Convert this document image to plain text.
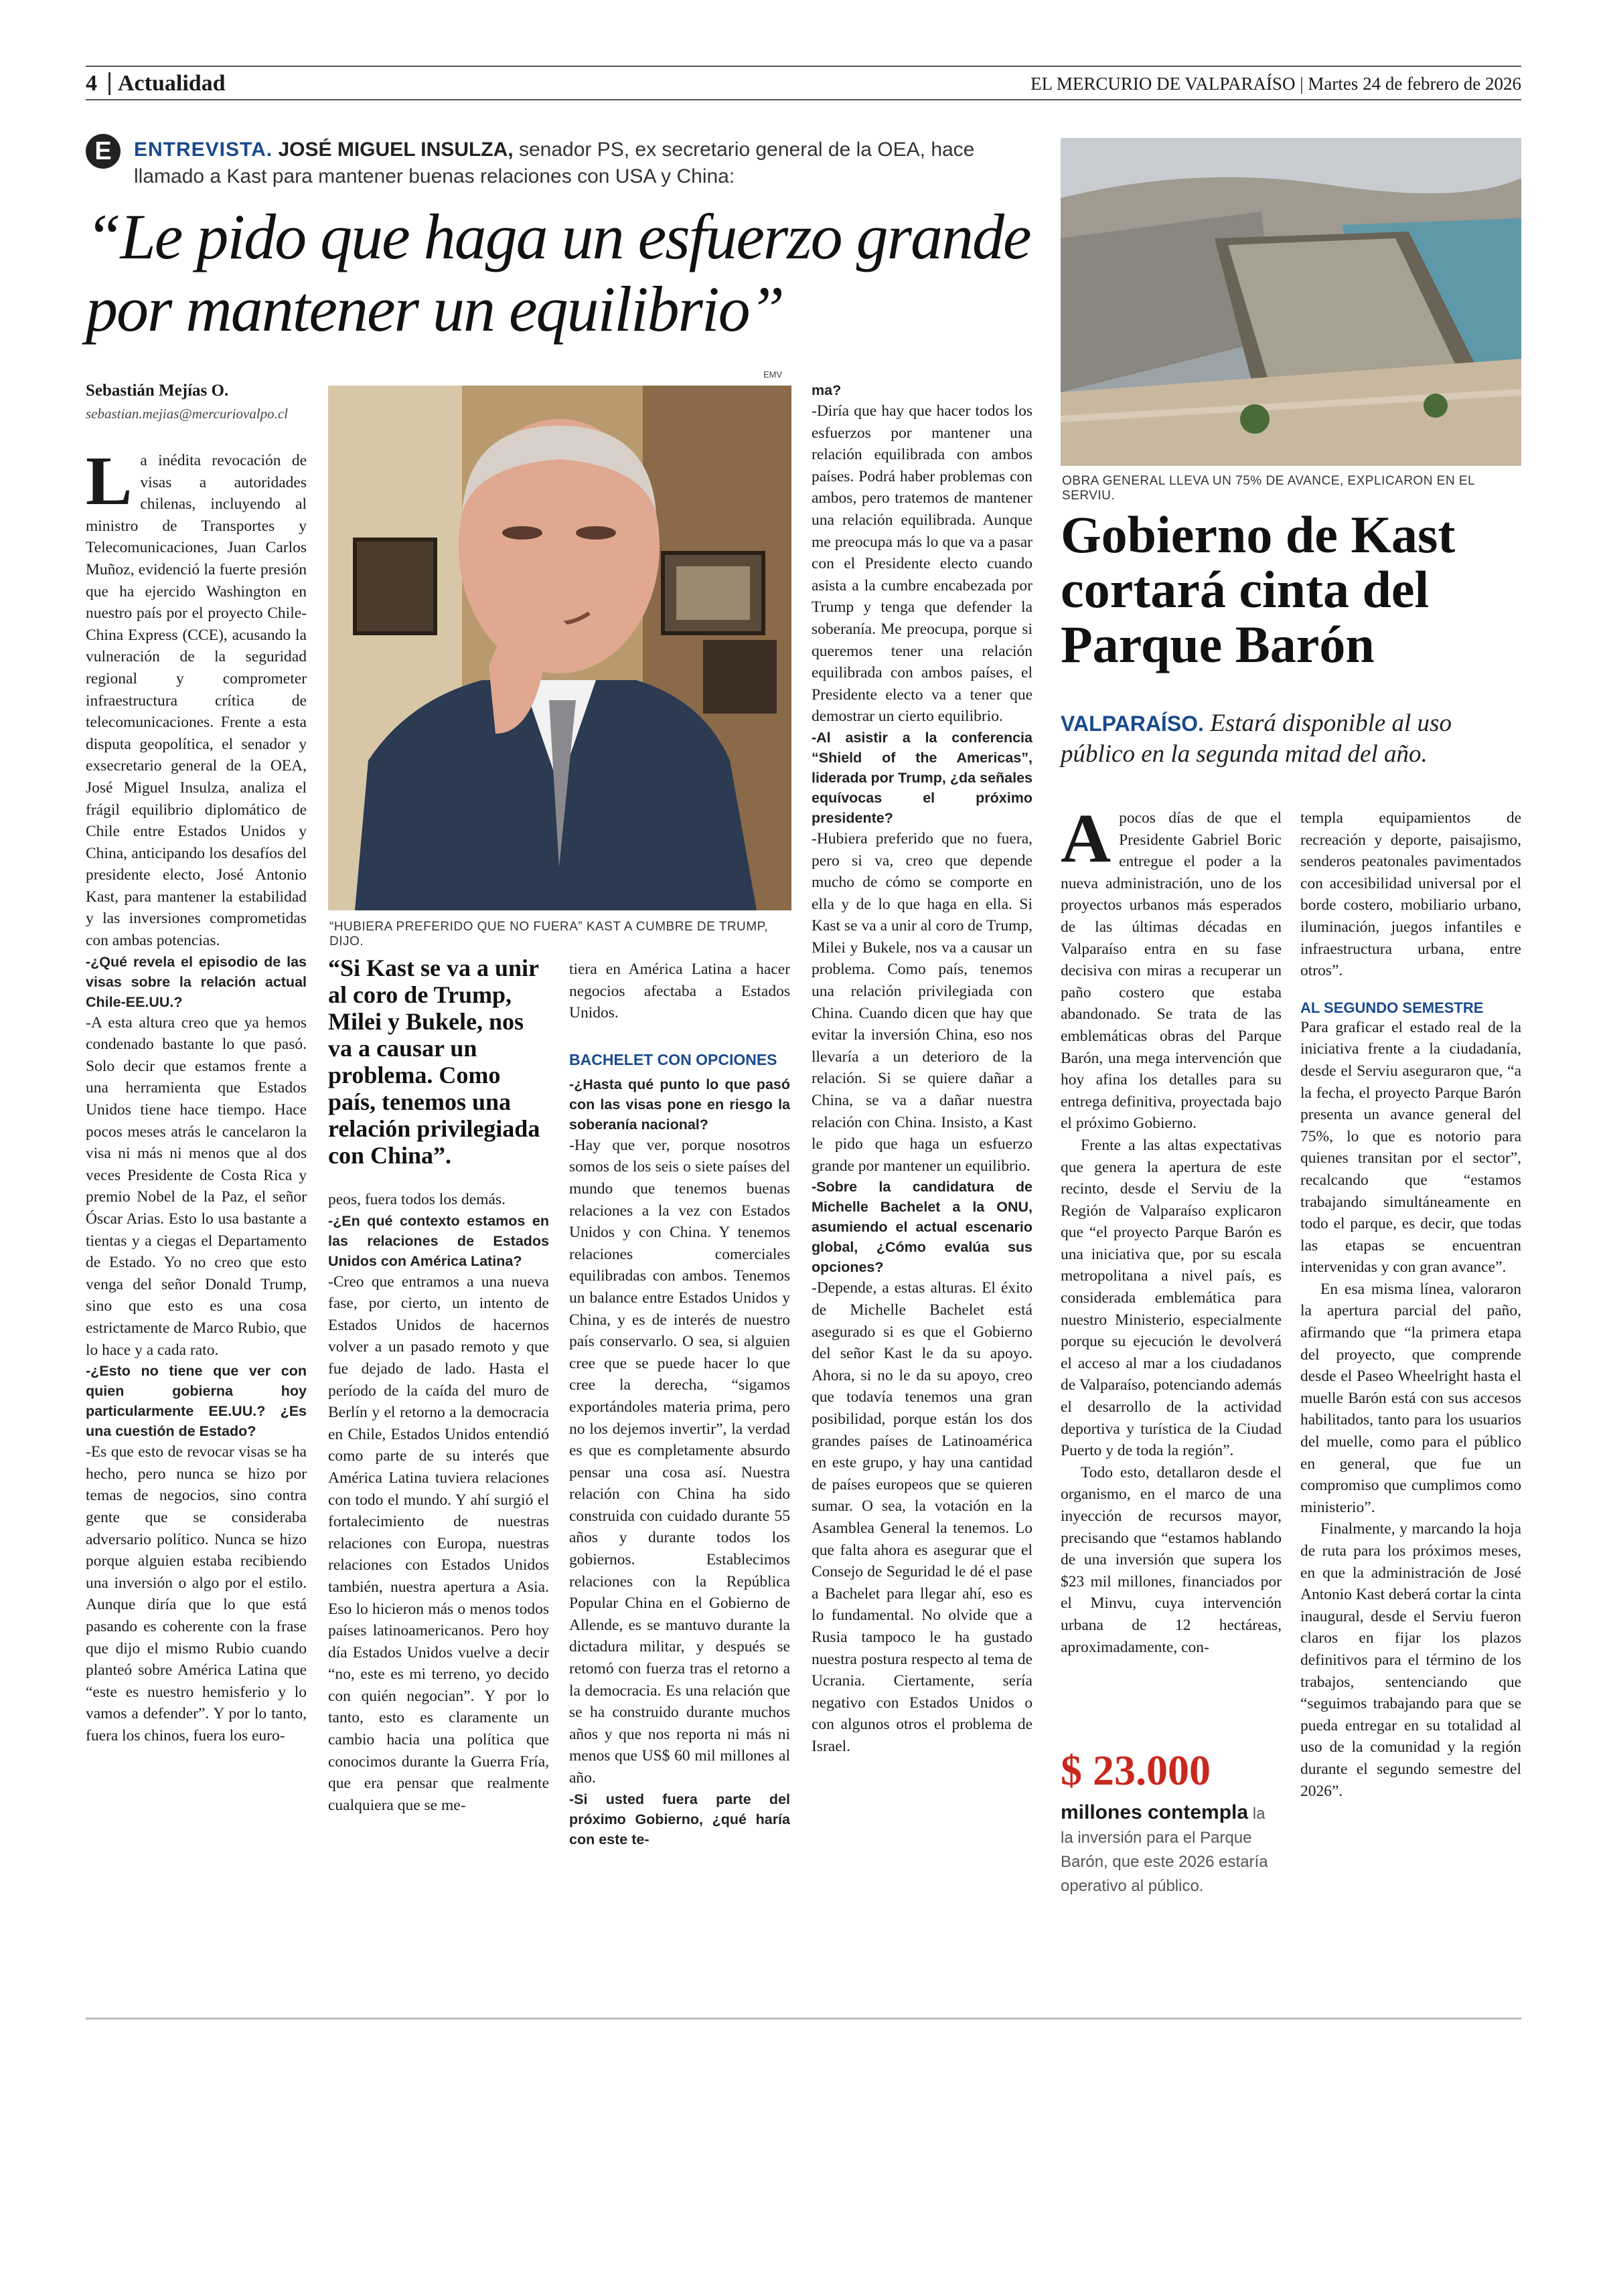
4 Actualidad	EL MERCURIO DE VALPARAÍSO | Martes 24 de febrero de 2026
E	ENTREVISTA. JOSÉ MIGUEL INSULZA, senador PS, ex secretario general de la OEA, hace llamado a Kast para mantener buenas relaciones con USA y China:
“Le pido que haga un esfuerzo grande por mantener un equilibrio”
Sebastián Mejías O.
sebastian.mejias@mercuriovalpo.cl

La inédita revocación de visas a autoridades chilenas, incluyendo al ministro de Transportes y Telecomunicaciones, Juan Carlos Muñoz, evidenció la fuerte presión que ha ejercido Washington en nuestro país por el proyecto Chile-China Express (CCE), acusando la vulneración de la seguridad regional y comprometer infraestructura crítica de telecomunicaciones. Frente a esta disputa geopolítica, el senador y exsecretario general de la OEA, José Miguel Insulza, analiza el frágil equilibrio diplomático de Chile entre Estados Unidos y China, anticipando los desafíos del presidente electo, José Antonio Kast, para mantener la estabilidad y las inversiones comprometidas con ambas potencias.

-¿Qué revela el episodio de las visas sobre la relación actual Chile-EE.UU.?

-A esta altura creo que ya hemos condenado bastante lo que pasó. Solo decir que estamos frente a una herramienta que Estados Unidos tiene hace tiempo. Hace pocos meses atrás le cancelaron la visa ni más ni menos que al dos veces Presidente de Costa Rica y premio Nobel de la Paz, el señor Óscar Arias. Esto lo usa bastante a tientas y a ciegas el Departamento de Estado. Yo no creo que esto venga del señor Donald Trump, sino que esto es una cosa estrictamente de Marco Rubio, que lo hace y a cada rato.

-¿Esto no tiene que ver con quien gobierna hoy particularmente EE.UU.? ¿Es una cuestión de Estado?

-Es que esto de revocar visas se ha hecho, pero nunca se hizo por temas de negocios, sino contra gente que se consideraba adversario político. Nunca se hizo porque alguien estaba recibiendo una inversión o algo por el estilo. Aunque diría que lo que está pasando es coherente con la frase que dijo el mismo Rubio cuando planteó sobre América Latina que “este es nuestro hemisferio y lo vamos a defender”. Y por lo tanto, fuera los chinos, fuera los euro-

EMV
“HUBIERA PREFERIDO QUE NO FUERA” KAST A CUMBRE DE TRUMP, DIJO.
“Si Kast se va a unir al coro de Trump, Milei y Bukele, nos va a causar un problema. Como país, tenemos una relación privilegiada con China”.

peos, fuera todos los demás.

-¿En qué contexto estamos en las relaciones de Estados Unidos con América Latina?

-Creo que entramos a una nueva fase, por cierto, un intento de Estados Unidos de hacernos volver a un pasado remoto y que fue dejado de lado. Hasta el período de la caída del muro de Berlín y el retorno a la democracia en Chile, Estados Unidos entendió como parte de su interés que América Latina tuviera relaciones con todo el mundo. Y ahí surgió el fortalecimiento de nuestras relaciones con Europa, nuestras relaciones con Estados Unidos también, nuestra apertura a Asia. Eso lo hicieron más o menos todos países latinoamericanos. Pero hoy día Estados Unidos vuelve a decir “no, este es mi terreno, yo decido con quién negocian”. Y por lo tanto, esto es claramente un cambio hacia una política que conocimos durante la Guerra Fría, que era pensar que realmente cualquiera que se me-

tiera en América Latina a hacer negocios afectaba a Estados Unidos.

BACHELET CON OPCIONES

-¿Hasta qué punto lo que pasó con las visas pone en riesgo la soberanía nacional?

-Hay que ver, porque nosotros somos de los seis o siete países del mundo que tenemos buenas relaciones a la vez con Estados Unidos y con China. Y tenemos relaciones comerciales equilibradas con ambos. Tenemos un balance entre Estados Unidos y China, y es de interés de nuestro país conservarlo. O sea, si alguien cree que se puede hacer lo que cree la derecha, “sigamos exportándoles materia prima, pero no los dejemos invertir”, la verdad es que es completamente absurdo pensar una cosa así. Nuestra relación con China ha sido construida con cuidado durante 55 años y durante todos los gobiernos. Establecimos relaciones con la República Popular China en el Gobierno de Allende, es se mantuvo durante la dictadura militar, y después se retomó con fuerza tras el retorno a la democracia. Es una relación que se ha construido durante muchos años y que nos reporta ni más ni menos que US$ 60 mil millones al año.

-Si usted fuera parte del próximo Gobierno, ¿qué haría con este te-

ma?

-Diría que hay que hacer todos los esfuerzos por mantener una relación equilibrada con ambos países. Podrá haber problemas con ambos, pero tratemos de mantener una relación equilibrada. Aunque me preocupa más lo que va a pasar con el Presidente electo cuando asista a la cumbre encabezada por Trump y tenga que defender la soberanía. Me preocupa, porque si queremos tener una relación equilibrada con ambos países, el Presidente electo va a tener que demostrar un cierto equilibrio.

-Al asistir a la conferencia “Shield of the Americas”, liderada por Trump, ¿da señales equívocas el próximo presidente?

-Hubiera preferido que no fuera, pero si va, creo que depende mucho de cómo se comporte en ella y de lo que haga en ella. Si Kast se va a unir al coro de Trump, Milei y Bukele, nos va a causar un problema. Como país, tenemos una relación privilegiada con China. Cuando dicen que hay que evitar la inversión China, eso nos llevaría a un deterioro de la relación. Si se quiere dañar a China, se va a dañar nuestra relación con China. Insisto, a Kast le pido que haga un esfuerzo grande por mantener un equilibrio.

-Sobre la candidatura de Michelle Bachelet a la ONU, asumiendo el actual escenario global, ¿Cómo evalúa sus opciones?

-Depende, a estas alturas. El éxito de Michelle Bachelet está asegurado si es que el Gobierno del señor Kast le da su apoyo. Ahora, si no le da su apoyo, creo que todavía tenemos una gran posibilidad, porque están los dos grandes países de Latinoamérica en este grupo, y hay una cantidad de países europeos que se quieren sumar. O sea, la votación en la Asamblea General la tenemos. Lo que falta ahora es asegurar que el Consejo de Seguridad le dé el pase a Bachelet para llegar ahí, eso es lo fundamental. No olvide que a Rusia tampoco le ha gustado nuestra postura respecto al tema de Ucrania. Ciertamente, sería negativo con Estados Unidos o con algunos otros el problema de Israel.

OBRA GENERAL LLEVA UN 75% DE AVANCE, EXPLICARON EN EL SERVIU.
Gobierno de Kast cortará cinta del Parque Barón
VALPARAÍSO. Estará disponible al uso público en la segunda mitad del año.

Apocos días de que el Presidente Gabriel Boric entregue el poder a la nueva administración, uno de los proyectos urbanos más esperados de las últimas décadas en Valparaíso entra en su fase decisiva con miras a recuperar un paño costero que estaba abandonado. Se trata de las emblemáticas obras del Parque Barón, una mega intervención que hoy afina los detalles para su entrega definitiva, proyectada bajo el próximo Gobierno.

Frente a las altas expectativas que genera la apertura de este recinto, desde el Serviu de la Región de Valparaíso explicaron que “el proyecto Parque Barón es una iniciativa que, por su escala metropolitana a nivel país, es considerada emblemática para nuestro Ministerio, especialmente porque su ejecución le devolverá el acceso al mar a los ciudadanos de Valparaíso, potenciando además el desarrollo de la actividad deportiva y turística de la Ciudad Puerto y de toda la región”.

Todo esto, detallaron desde el organismo, en el marco de una inyección de recursos mayor, precisando que “estamos hablando de una inversión que supera los $23 mil millones, financiados por el Minvu, cuya intervención urbana de 12 hectáreas, aproximadamente, con-

$ 23.000
millones contempla la la inversión para el Parque Barón, que este 2026 estaría operativo al público.

templa equipamientos de recreación y deporte, paisajismo, senderos peatonales pavimentados con accesibilidad universal por el borde costero, mobiliario urbano, iluminación, juegos infantiles e infraestructura urbana, entre otros”.

AL SEGUNDO SEMESTRE

Para graficar el estado real de la iniciativa frente a la ciudadanía, desde el Serviu aseguraron que, “a la fecha, el proyecto Parque Barón presenta un avance general del 75%, lo que es notorio para quienes transitan por el sector”, recalcando que “estamos trabajando simultáneamente en todo el parque, es decir, que todas las etapas se encuentran intervenidas y con gran avance”.

En esa misma línea, valoraron la apertura parcial del paño, afirmando que “la primera etapa del proyecto, que comprende desde el Paseo Wheelright hasta el muelle Barón está con sus accesos habilitados, tanto para los usuarios del muelle, como para el público en general, que fue un compromiso que cumplimos como ministerio”.

Finalmente, y marcando la hoja de ruta para los próximos meses, en que la administración de José Antonio Kast deberá cortar la cinta inaugural, desde el Serviu fueron claros en fijar los plazos definitivos para el término de los trabajos, sentenciando que “seguimos trabajando para que se pueda entregar en su totalidad al uso de la comunidad y la región durante el segundo semestre del 2026”.
